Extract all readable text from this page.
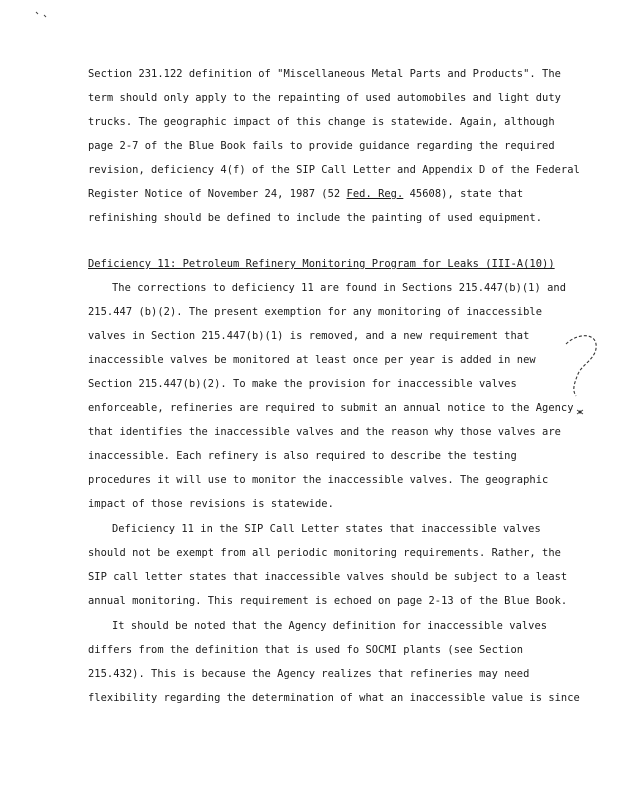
Section 231.122 definition of "Miscellaneous Metal Parts and Products". The
term should only apply to the repainting of used automobiles and light duty
trucks. The geographic impact of this change is statewide. Again, although
page 2-7 of the Blue Book fails to provide guidance regarding the required
revision, deficiency 4(f) of the SIP Call Letter and Appendix D of the Federal
Register Notice of November 24, 1987 (52 Fed. Reg. 45608), state that
refinishing should be defined to include the painting of used equipment.
Deficiency 11: Petroleum Refinery Monitoring Program for Leaks (III-A(10))
The corrections to deficiency 11 are found in Sections 215.447(b)(1) and
215.447 (b)(2). The present exemption for any monitoring of inaccessible
valves in Section 215.447(b)(1) is removed, and a new requirement that
inaccessible valves be monitored at least once per year is added in new
Section 215.447(b)(2). To make the provision for inaccessible valves
enforceable, refineries are required to submit an annual notice to the Agency
that identifies the inaccessible valves and the reason why those valves are
inaccessible. Each refinery is also required to describe the testing
procedures it will use to monitor the inaccessible valves. The geographic
impact of those revisions is statewide.
Deficiency 11 in the SIP Call Letter states that inaccessible valves
should not be exempt from all periodic monitoring requirements. Rather, the
SIP call letter states that inaccessible valves should be subject to a least
annual monitoring. This requirement is echoed on page 2-13 of the Blue Book.
It should be noted that the Agency definition for inaccessible valves
differs from the definition that is used fo SOCMI plants (see Section
215.432). This is because the Agency realizes that refineries may need
flexibility regarding the determination of what an inaccessible value is since
